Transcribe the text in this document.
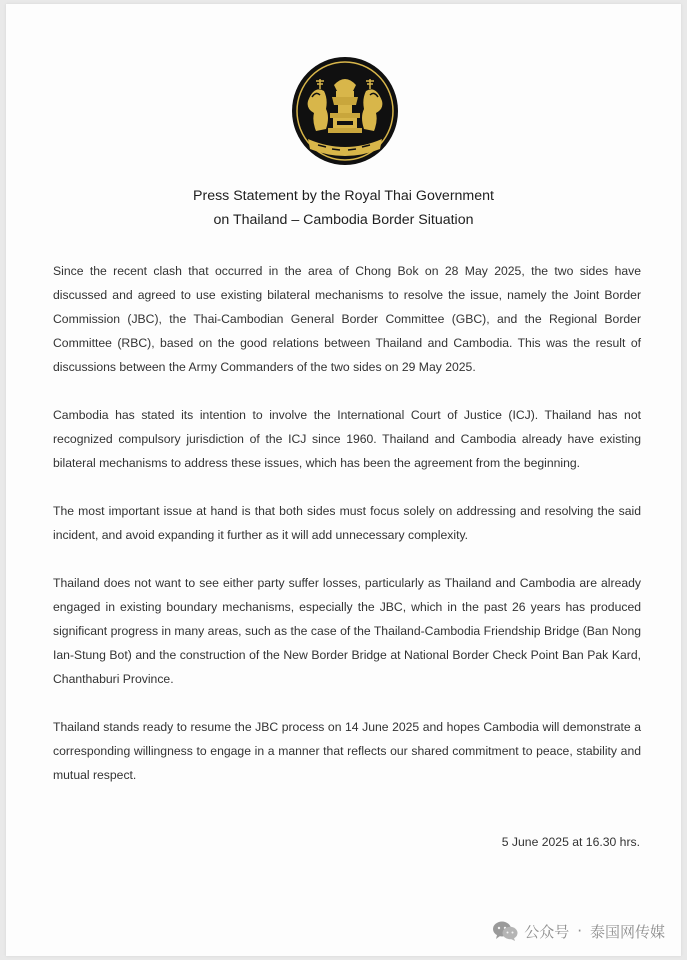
Press Statement by the Royal Thai Government
on Thailand – Cambodia Border Situation

Since the recent clash that occurred in the area of Chong Bok on 28 May 2025, the two sides have discussed and agreed to use existing bilateral mechanisms to resolve the issue, namely the Joint Border Commission (JBC), the Thai-Cambodian General Border Committee (GBC), and the Regional Border Committee (RBC), based on the good relations between Thailand and Cambodia. This was the result of discussions between the Army Commanders of the two sides on 29 May 2025.

Cambodia has stated its intention to involve the International Court of Justice (ICJ). Thailand has not recognized compulsory jurisdiction of the ICJ since 1960. Thailand and Cambodia already have existing bilateral mechanisms to address these issues, which has been the agreement from the beginning.

The most important issue at hand is that both sides must focus solely on addressing and resolving the said incident, and avoid expanding it further as it will add unnecessary complexity.

Thailand does not want to see either party suffer losses, particularly as Thailand and Cambodia are already engaged in existing boundary mechanisms, especially the JBC, which in the past 26 years has produced significant progress in many areas, such as the case of the Thailand-Cambodia Friendship Bridge (Ban Nong Ian-Stung Bot) and the construction of the New Border Bridge at National Border Check Point Ban Pak Kard, Chanthaburi Province.

Thailand stands ready to resume the JBC process on 14 June 2025 and hopes Cambodia will demonstrate a corresponding willingness to engage in a manner that reflects our shared commitment to peace, stability and mutual respect.

5 June 2025 at 16.30 hrs.
公众号 · 泰国网传媒
